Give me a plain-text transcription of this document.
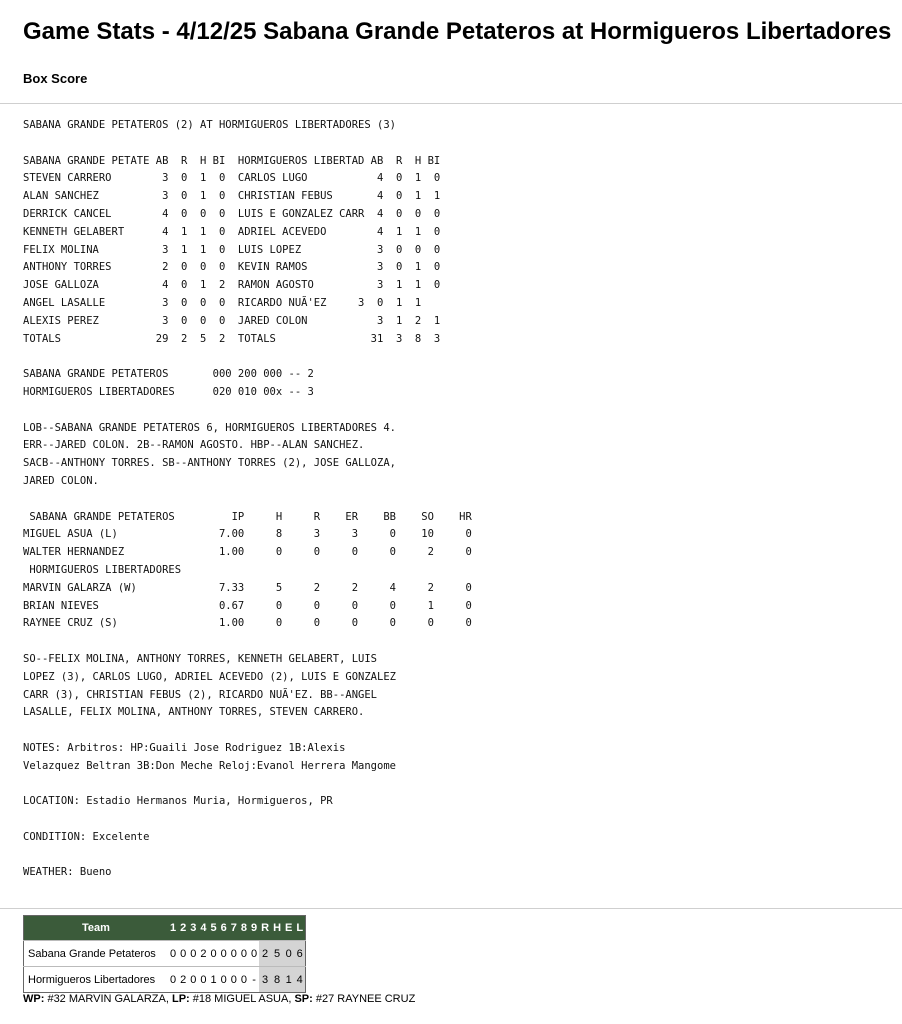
Game Stats - 4/12/25 Sabana Grande Petateros at Hormigueros Libertadores
Box Score
SABANA GRANDE PETATEROS (2) AT HORMIGUEROS LIBERTADORES (3)

SABANA GRANDE PETATE AB  R  H BI  HORMIGUEROS LIBERTAD AB  R  H BI
STEVEN CARRERO        3  0  1  0  CARLOS LUGO           4  0  1  0
ALAN SANCHEZ          3  0  1  0  CHRISTIAN FEBUS       4  0  1  1
DERRICK CANCEL        4  0  0  0  LUIS E GONZALEZ CARR  4  0  0  0
KENNETH GELABERT      4  1  1  0  ADRIEL ACEVEDO        4  1  1  0
FELIX MOLINA          3  1  1  0  LUIS LOPEZ            3  0  0  0
ANTHONY TORRES        2  0  0  0  KEVIN RAMOS           3  0  1  0
JOSE GALLOZA          4  0  1  2  RAMON AGOSTO          3  1  1  0
ANGEL LASALLE         3  0  0  0  RICARDO NUÃ'EZ     3  0  1  1
ALEXIS PEREZ          3  0  0  0  JARED COLON           3  1  2  1
TOTALS               29  2  5  2  TOTALS               31  3  8  3

SABANA GRANDE PETATEROS       000 200 000 -- 2
HORMIGUEROS LIBERTADORES      020 010 00x -- 3

LOB--SABANA GRANDE PETATEROS 6, HORMIGUEROS LIBERTADORES 4.
ERR--JARED COLON. 2B--RAMON AGOSTO. HBP--ALAN SANCHEZ.
SACB--ANTHONY TORRES. SB--ANTHONY TORRES (2), JOSE GALLOZA,
JARED COLON.

SABANA GRANDE PETATEROS         IP     H     R    ER    BB    SO    HR
MIGUEL ASUA (L)                7.00     8     3     3     0    10     0
WALTER HERNANDEZ               1.00     0     0     0     0     2     0
HORMIGUEROS LIBERTADORES
MARVIN GALARZA (W)             7.33     5     2     2     4     2     0
BRIAN NIEVES                   0.67     0     0     0     0     1     0
RAYNEE CRUZ (S)                1.00     0     0     0     0     0     0

SO--FELIX MOLINA, ANTHONY TORRES, KENNETH GELABERT, LUIS
LOPEZ (3), CARLOS LUGO, ADRIEL ACEVEDO (2), LUIS E GONZALEZ
CARR (3), CHRISTIAN FEBUS (2), RICARDO NUÃ'EZ. BB--ANGEL
LASALLE, FELIX MOLINA, ANTHONY TORRES, STEVEN CARRERO.

NOTES: Arbitros: HP:Guaili Jose Rodriguez 1B:Alexis
Velazquez Beltran 3B:Don Meche Reloj:Evanol Herrera Mangome

LOCATION: Estadio Hermanos Muria, Hormigueros, PR

CONDITION: Excelente

WEATHER: Bueno

Team	1	2	3	4	5	6	7	8	9	R	H	E	L
Sabana Grande Petateros	0	0	0	2	0	0	0	0	0	2	5	0	6
Hormigueros Libertadores	0	2	0	0	1	0	0	0	-	3	8	1	4
WP: #32 MARVIN GALARZA, LP: #18 MIGUEL ASUA, SP: #27 RAYNEE CRUZ
